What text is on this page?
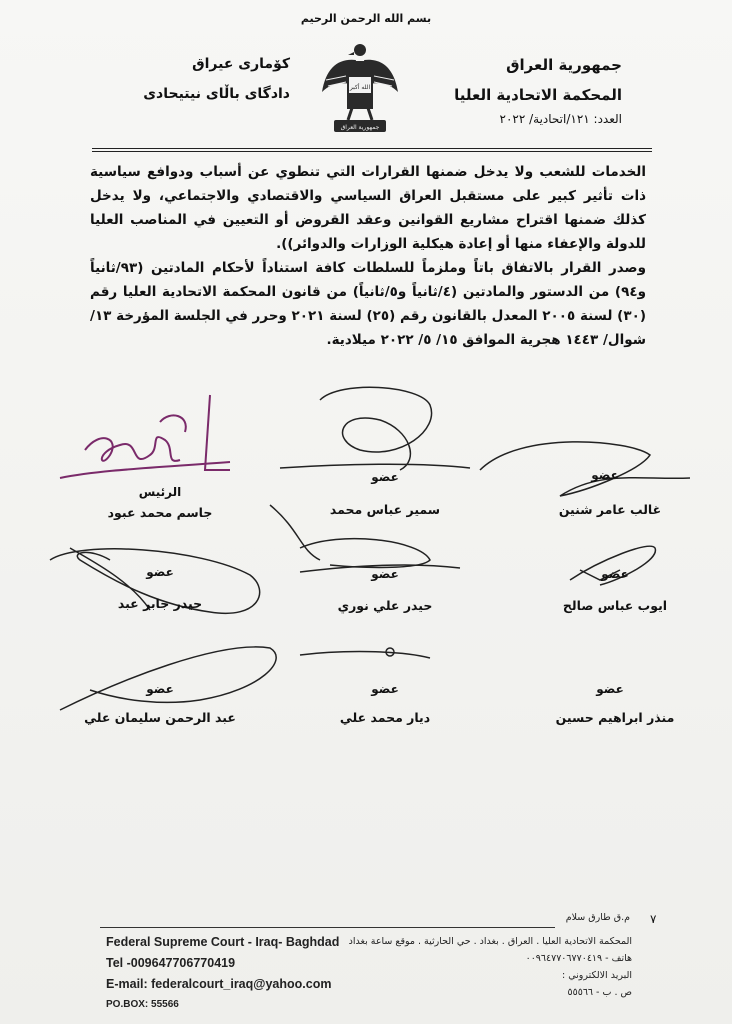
بسم الله الرحمن الرحيم
جمهورية العراق
المحكمة الاتحادية العليا
العدد: ١٢١/اتحادية/ ٢٠٢٢
كۆماری عیراق
دادگای باڵای نیتیحادی	الله أكبر
جمهورية العراق

الخدمات للشعب ولا يدخل ضمنها القرارات التي تنطوي عن أسباب ودوافع سياسية ذات تأثير كبير على مستقبل العراق السياسي والاقتصادي والاجتماعي، ولا يدخل كذلك ضمنها اقتراح مشاريع القوانين وعقد القروض أو التعيين في المناصب العليا للدولة والإعفاء منها أو إعادة هيكلية الوزارات والدوائر)).

وصدر القرار بالاتفاق باتاً وملزماً للسلطات كافة استناداً لأحكام المادتين (٩٣/ثانياً و٩٤) من الدستور والمادتين (٤/ثانياً و٥/ثانياً) من قانون المحكمة الاتحادية العليا رقم (٣٠) لسنة ٢٠٠٥ المعدل بالقانون رقم (٢٥) لسنة ٢٠٢١ وحرر في الجلسة المؤرخة ١٣/شوال/ ١٤٤٣ هجرية الموافق ١٥/ ٥/ ٢٠٢٢ ميلادية.

الرئيس
جاسم محمد عبود
عضو
سمير عباس محمد
عضو
غالب عامر شنين
عضو
حيدر جابر عبد
عضو
حيدر علي نوري
عضو
ايوب عباس صالح
عضو
عبد الرحمن سليمان علي
عضو
ديار محمد علي
عضو
منذر ابراهيم حسين
٧
م.ق طارق سلام
Federal Supreme Court - Iraq- Baghdad
Tel -009647706770419
E-mail: federalcourt_iraq@yahoo.com
PO.BOX: 55566
المحكمة الاتحادية العليا . العراق . بغداد . حي الحارثية . موقع ساعة بغداد
هاتف - ٠٠٩٦٤٧٧٠٦٧٧٠٤١٩
البريد الالكتروني :
ص . ب - ٥٥٥٦٦
